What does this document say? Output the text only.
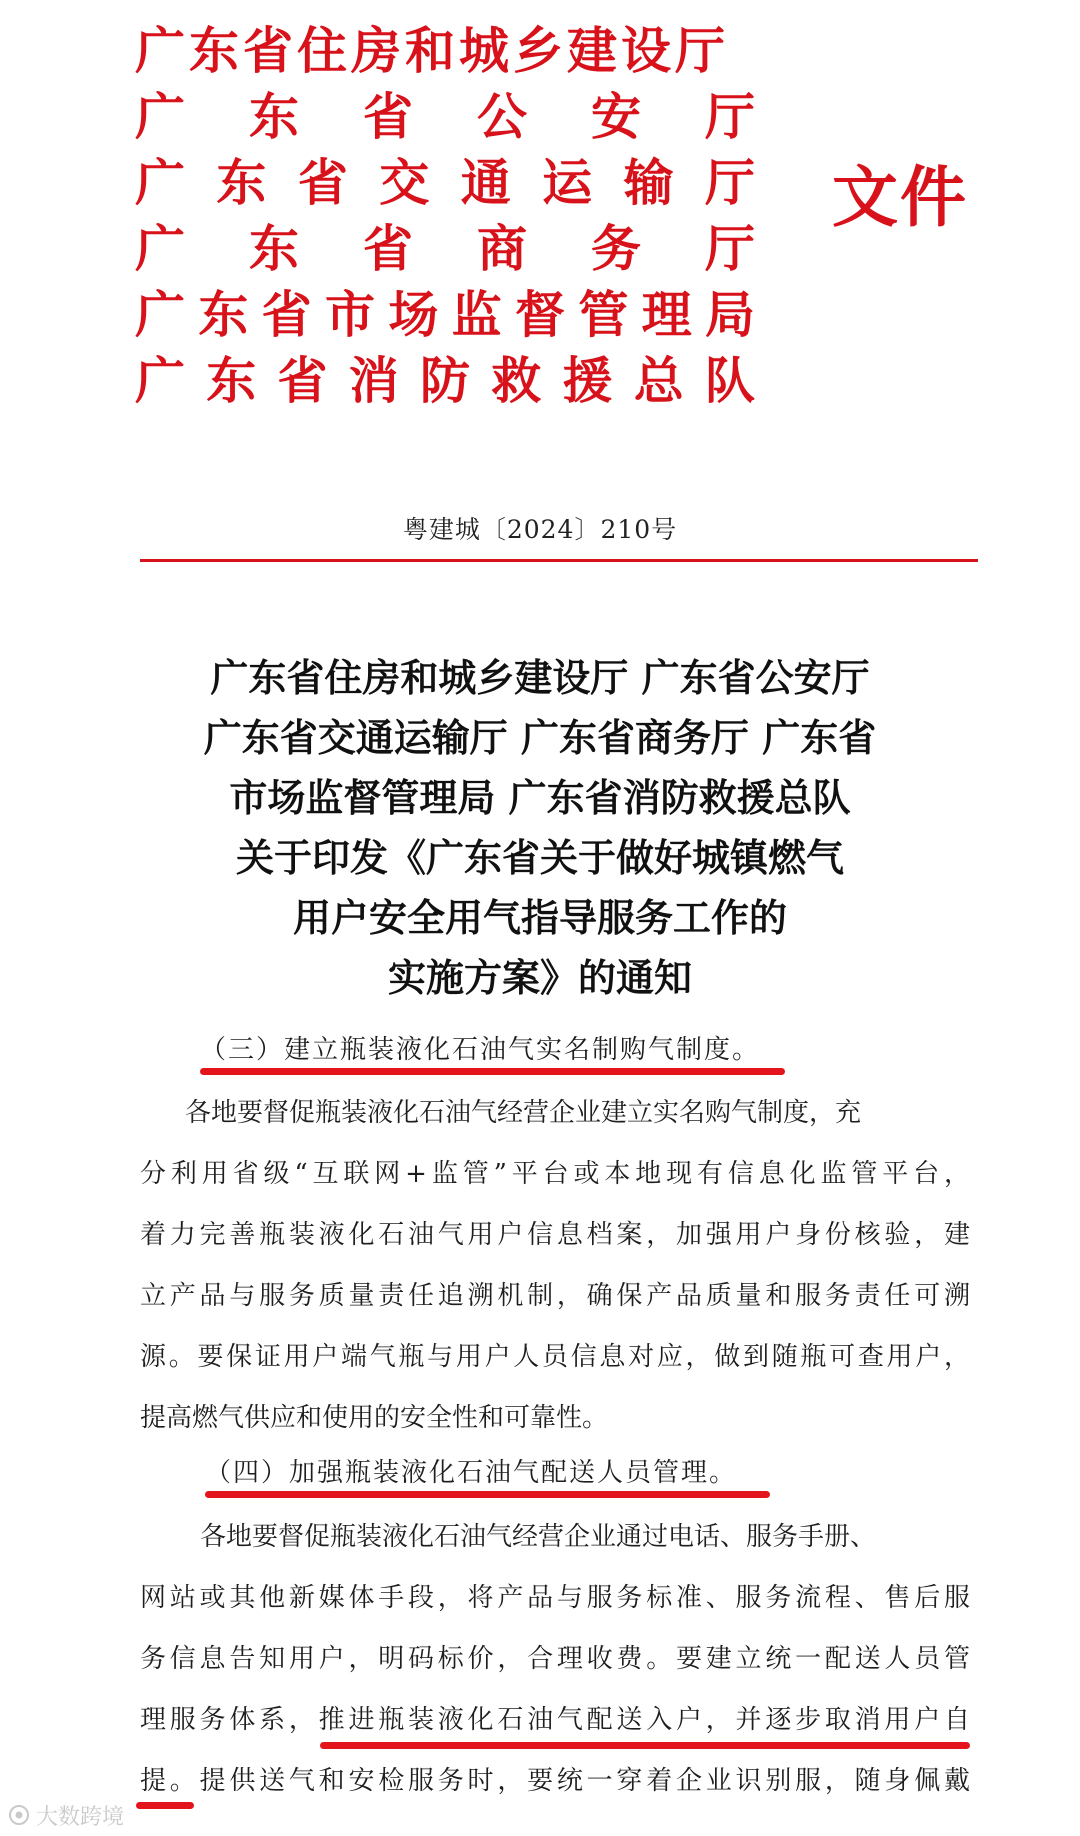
广东省住房和城乡建设厅
广东省公安厅
广东省交通运输厅
广东省商务厅
广东省市场监督管理局
广东省消防救援总队
文件
粤建城〔2024〕210号
广东省住房和城乡建设厅 广东省公安厅
广东省交通运输厅 广东省商务厅 广东省
市场监督管理局 广东省消防救援总队
关于印发《广东省关于做好城镇燃气
用户安全用气指导服务工作的
实施方案》的通知
（三）建立瓶装液化石油气实名制购气制度。
各地要督促瓶装液化石油气经营企业建立实名购气制度，充
分利用省级“互联网+监管”平台或本地现有信息化监管平台，
着力完善瓶装液化石油气用户信息档案，加强用户身份核验，建
立产品与服务质量责任追溯机制，确保产品质量和服务责任可溯
源。要保证用户端气瓶与用户人员信息对应，做到随瓶可查用户，
提高燃气供应和使用的安全性和可靠性。
（四）加强瓶装液化石油气配送人员管理。
各地要督促瓶装液化石油气经营企业通过电话、服务手册、
网站或其他新媒体手段，将产品与服务标准、服务流程、售后服
务信息告知用户，明码标价，合理收费。要建立统一配送人员管
理服务体系，推进瓶装液化石油气配送入户，并逐步取消用户自
提。提供送气和安检服务时，要统一穿着企业识别服，随身佩戴
大数跨境
